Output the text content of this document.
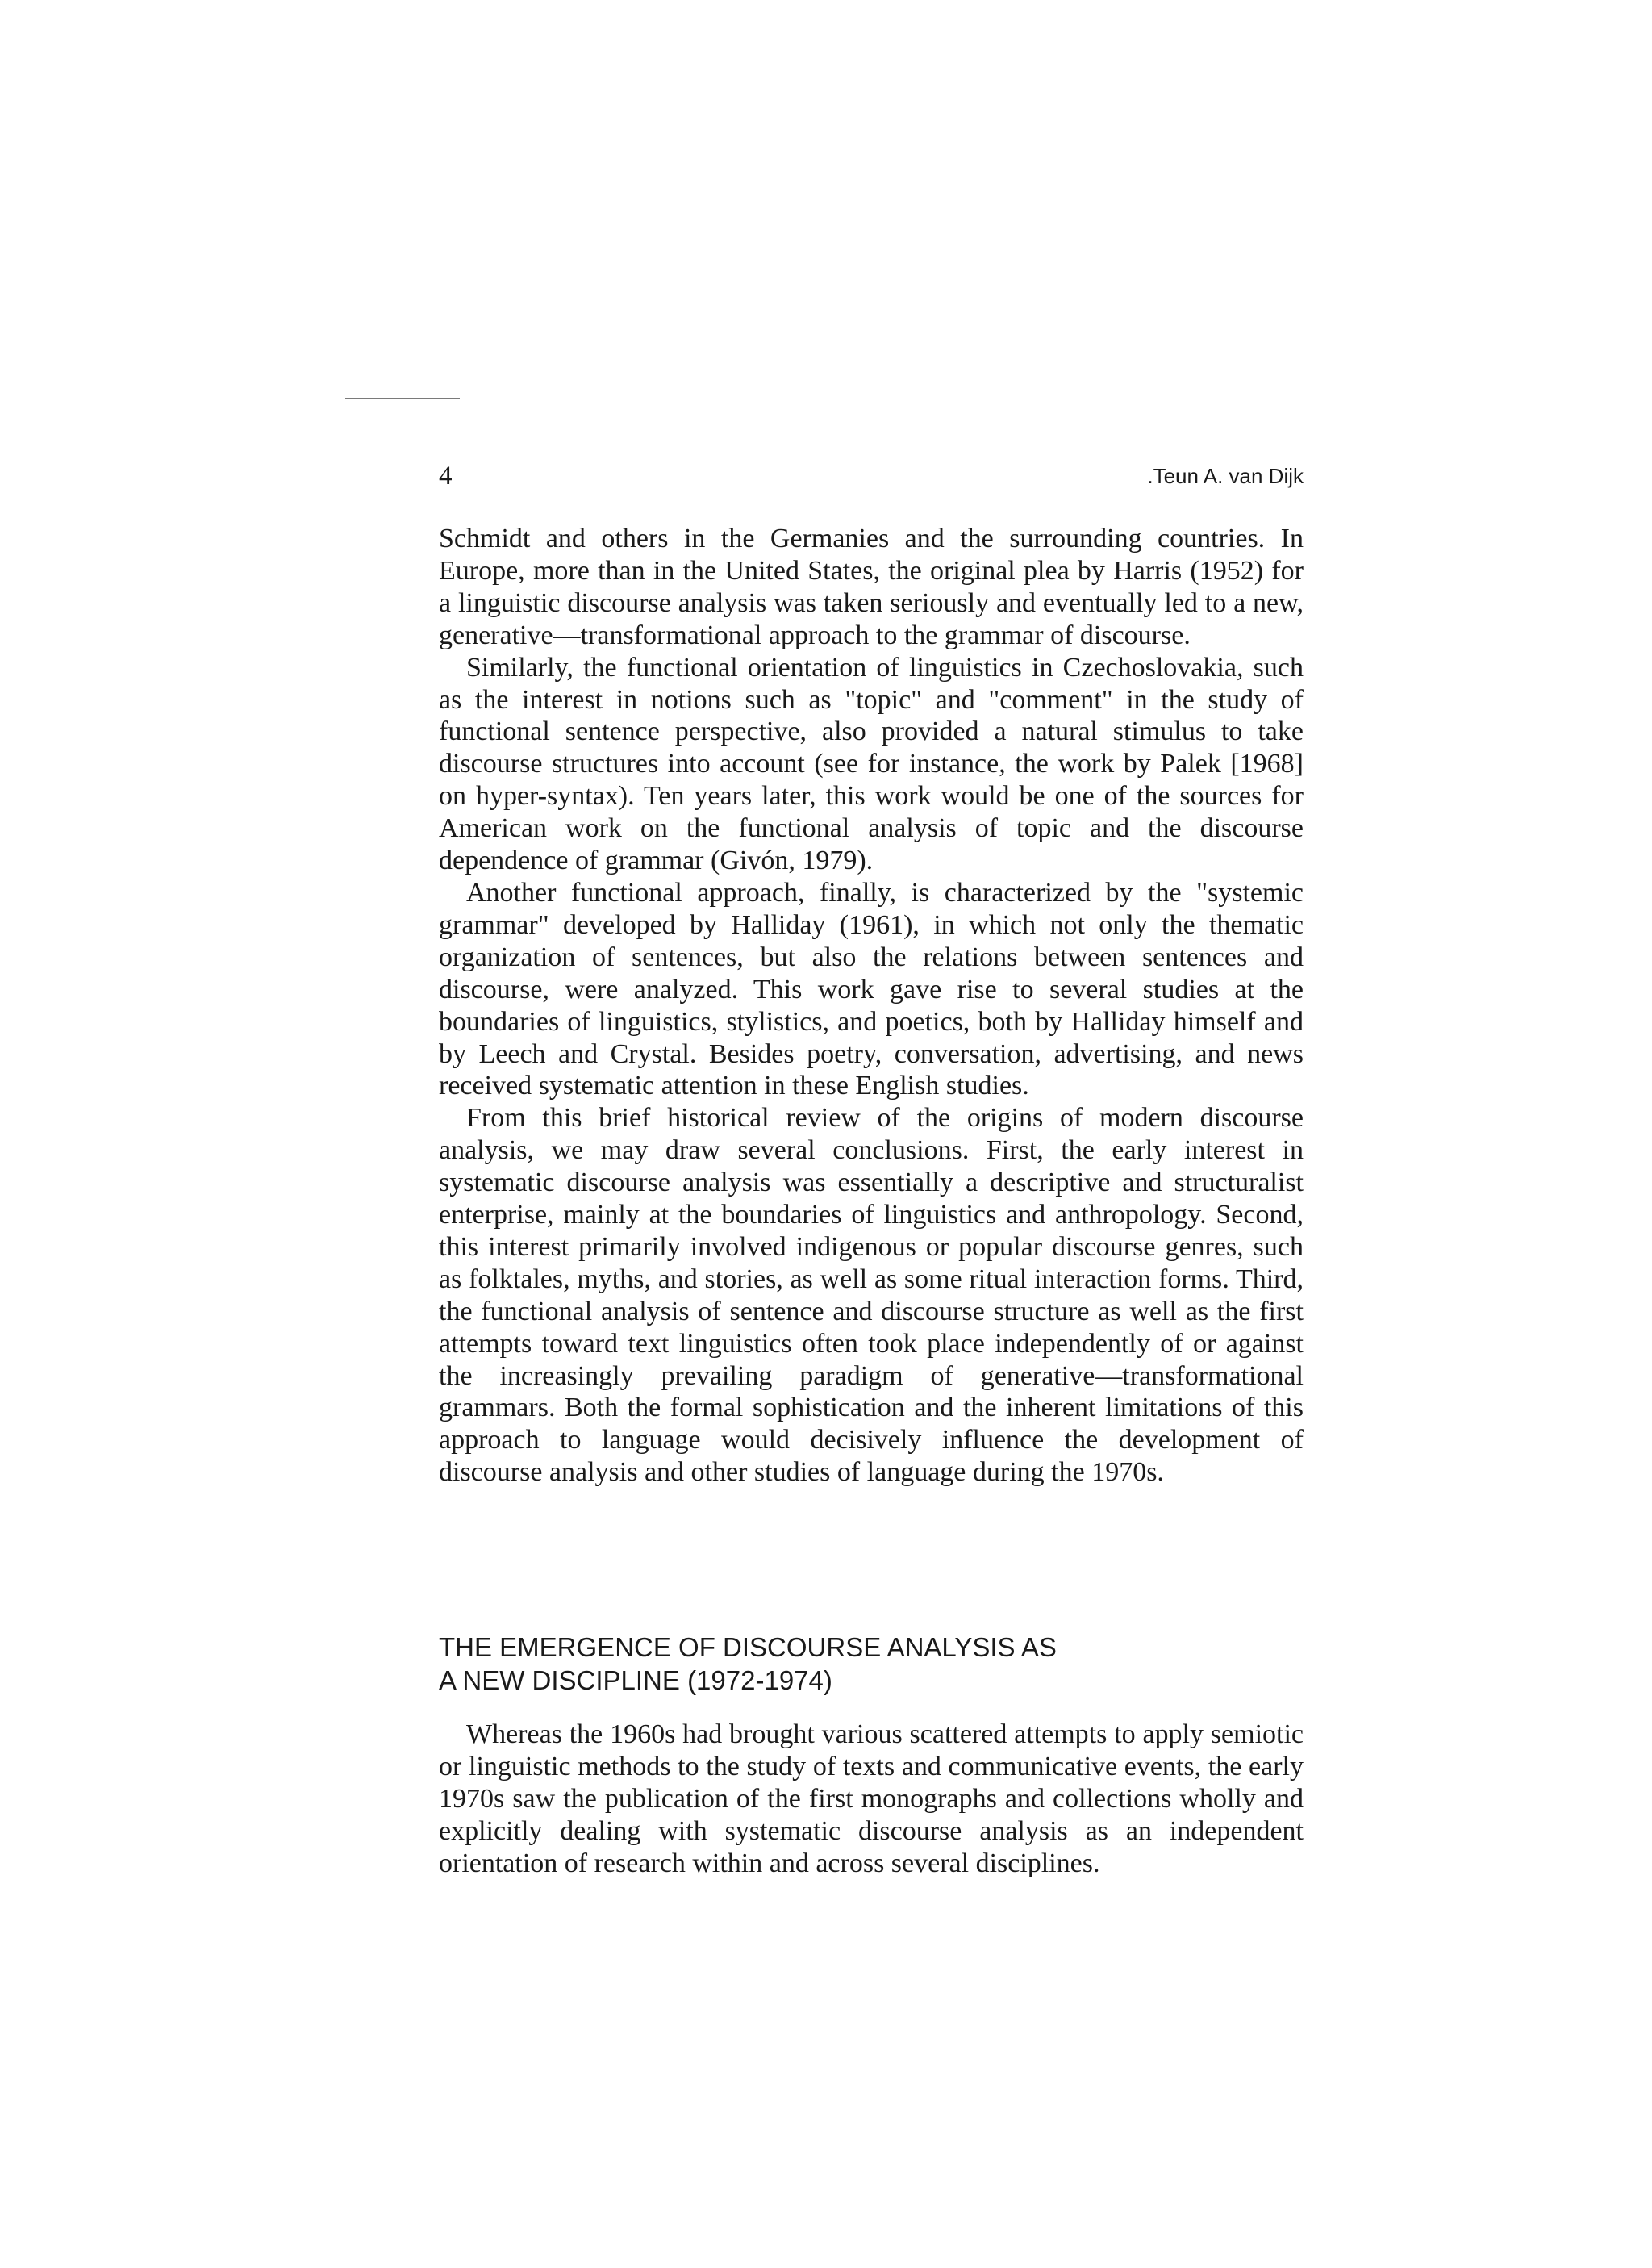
4	.Teun A. van Dijk

Schmidt and others in the Germanies and the surrounding countries. In Europe, more than in the United States, the original plea by Harris (1952) for a linguistic discourse analysis was taken seriously and eventually led to a new, generative—transformational approach to the grammar of discourse.

Similarly, the functional orientation of linguistics in Czechoslovakia, such as the interest in notions such as "topic" and "comment" in the study of functional sentence perspective, also provided a natural stimulus to take discourse structures into account (see for instance, the work by Palek [1968] on hyper-syntax). Ten years later, this work would be one of the sources for American work on the functional analysis of topic and the discourse dependence of grammar (Givón, 1979).

Another functional approach, finally, is characterized by the "systemic grammar" developed by Halliday (1961), in which not only the thematic organization of sentences, but also the relations between sentences and discourse, were analyzed. This work gave rise to several studies at the boundaries of linguistics, stylistics, and poetics, both by Halliday himself and by Leech and Crystal. Besides poetry, conversation, advertising, and news received systematic attention in these English studies.

From this brief historical review of the origins of modern discourse analysis, we may draw several conclusions. First, the early interest in systematic discourse analysis was essentially a descriptive and structuralist enterprise, mainly at the boundaries of linguistics and anthropology. Second, this interest primarily involved indigenous or popular discourse genres, such as folktales, myths, and stories, as well as some ritual interaction forms. Third, the functional analysis of sentence and discourse structure as well as the first attempts toward text linguistics often took place independently of or against the increasingly prevailing paradigm of generative—transformational grammars. Both the formal sophistication and the inherent limitations of this approach to language would decisively influence the development of discourse analysis and other studies of language during the 1970s.

THE EMERGENCE OF DISCOURSE ANALYSIS AS
A NEW DISCIPLINE (1972-1974)

Whereas the 1960s had brought various scattered attempts to apply semiotic or linguistic methods to the study of texts and communicative events, the early 1970s saw the publication of the first monographs and collections wholly and explicitly dealing with systematic discourse analysis as an independent orientation of research within and across several disciplines.
